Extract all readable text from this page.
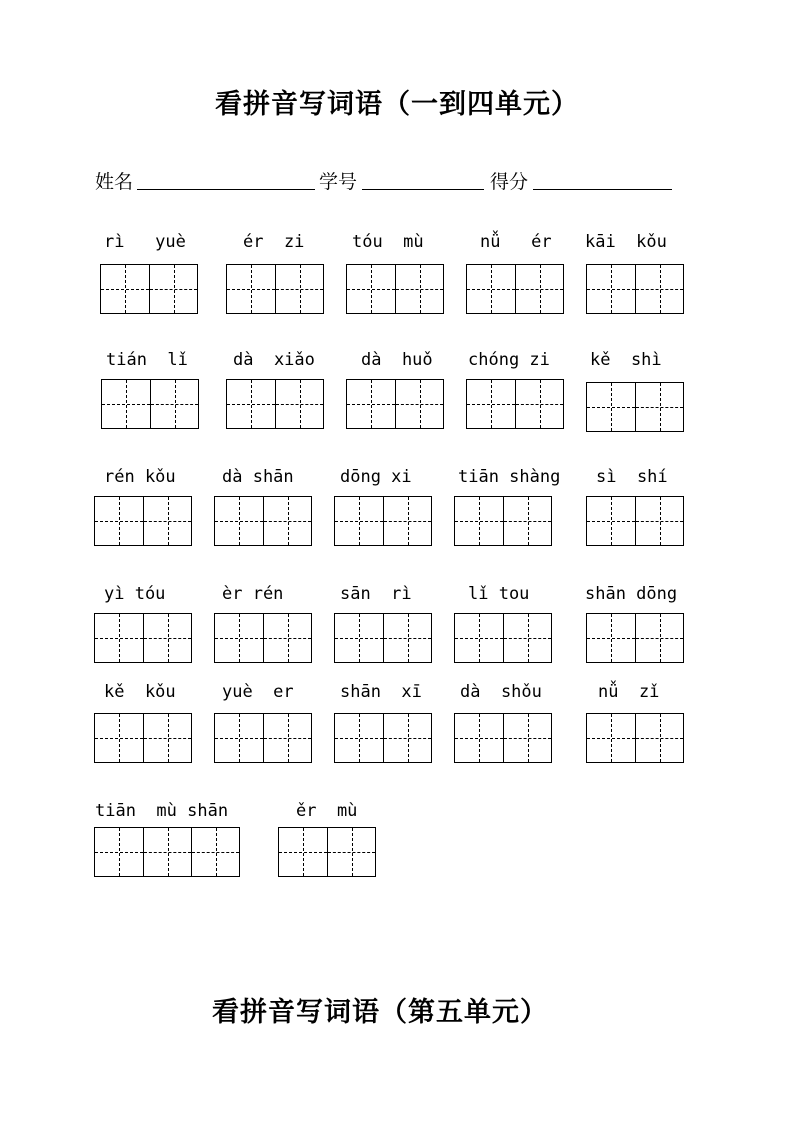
看拼音写词语（一到四单元）
姓名	学号	得分
rì   yuè	ér  zi	tóu  mù	nǚ   ér kāi  kǒu
tián  lǐ	dà  xiǎo	dà  huǒ chóng zi kě  shì
rén kǒu	dà shān	dōng xi	tiān shàng sì  shí
yì tóu	èr rén	sān  rì	lǐ tou	shān dōng
kě  kǒu	yuè  er	shān  xī dà  shǒu	nǚ  zǐ
tiān  mù shān	ěr  mù
看拼音写词语（第五单元）
